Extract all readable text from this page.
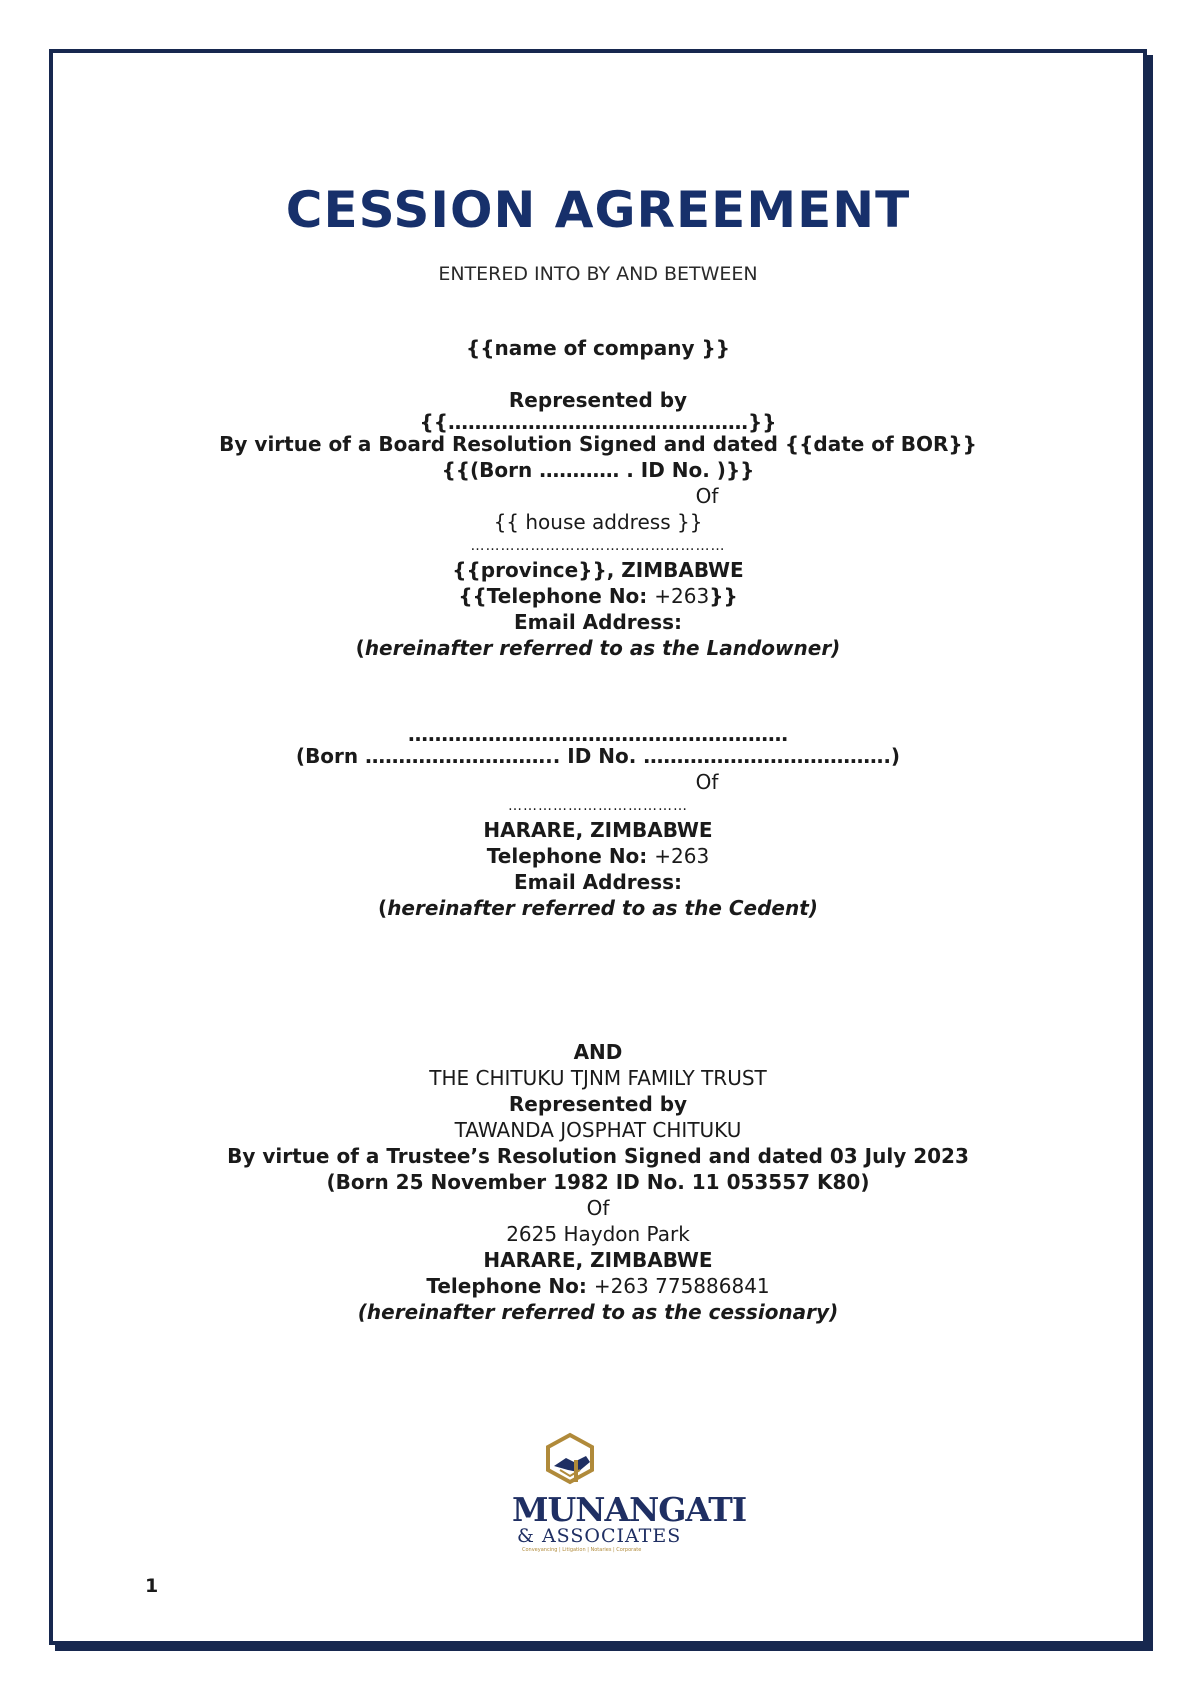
CESSION AGREEMENT
ENTERED INTO BY AND BETWEEN
{{name of company }}
Represented by
{{………………………………………}}
By virtue of a Board Resolution Signed and dated {{date of BOR}}
{{(Born ………… . ID No. )}}
Of
{{ house address }}
……………………………………………
{{province}}, ZIMBABWE
{{Telephone No: +263}}
Email Address:
(hereinafter referred to as the Landowner)
…………………………………………………
(Born ……………………….. ID No. ……………………………….)
Of
………………………………
HARARE, ZIMBABWE
Telephone No: +263
Email Address:
(hereinafter referred to as the Cedent)
AND
THE CHITUKU TJNM FAMILY TRUST
Represented by
TAWANDA JOSPHAT CHITUKU
By virtue of a Trustee’s Resolution Signed and dated 03 July 2023
(Born 25 November 1982 ID No. 11 053557 K80)
Of
2625 Haydon Park
HARARE, ZIMBABWE
Telephone No: +263 775886841
(hereinafter referred to as the cessionary)
MUNANGATI
& ASSOCIATES
Conveyancing | Litigation | Notaries | Corporate
1
